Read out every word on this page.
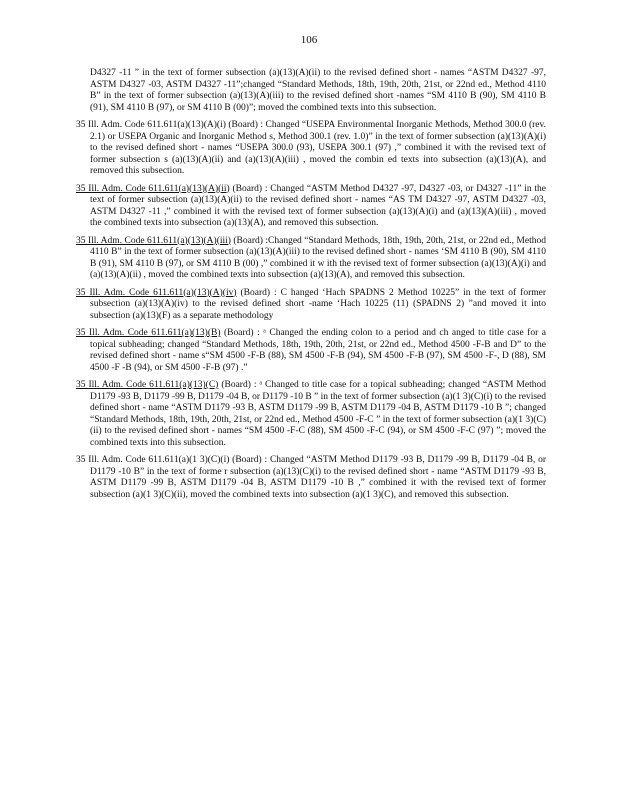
106

D4327 -11 ” in the text of former subsection (a)(13)(A)(ii) to the revised defined short - names “ASTM D4327 -97, ASTM D4327 -03, ASTM D4327 -11”;changed “Standard Methods, 18th, 19th, 20th, 21st, or 22nd ed., Method 4110 B” in the text of former subsection (a)(13)(A)(iii) to the revised defined short -names “SM 4110 B (90), SM 4110 B (91), SM 4110 B (97), or SM 4110 B (00)”; moved the combined texts into this subsection.

35 Ill. Adm. Code 611.611(a)(13)(A)(i) (Board) : Changed “USEPA Environmental Inorganic Methods, Method 300.0 (rev. 2.1) or USEPA Organic and Inorganic Method s, Method 300.1 (rev. 1.0)” in the text of former subsection (a)(13)(A)(i) to the revised defined short - names “USEPA 300.0 (93), USEPA 300.1 (97) ,” combined it with the revised text of former subsection s (a)(13)(A)(ii) and (a)(13)(A)(iii) , moved the combin ed texts into subsection (a)(13)(A), and removed this subsection.

35 Ill. Adm. Code 611.611(a)(13)(A)(ii) (Board) : Changed “ASTM Method D4327 -97, D4327 -03, or D4327 -11” in the text of former subsection (a)(13)(A)(ii) to the revised defined short - names “AS TM D4327 -97, ASTM D4327 -03, ASTM D4327 -11 ,” combined it with the revised text of former subsection (a)(13)(A)(i) and (a)(13)(A)(iii) , moved the combined texts into subsection (a)(13)(A), and removed this subsection.

35 Ill. Adm. Code 611.611(a)(13)(A)(iii) (Board) :Changed “Standard Methods, 18th, 19th, 20th, 21st, or 22nd ed., Method 4110 B” in the text of former subsection (a)(13)(A)(iii) to the revised defined short - names ‘SM 4110 B (90), SM 4110 B (91), SM 4110 B (97), or SM 4110 B (00) ,” combined it w ith the revised text of former subsection (a)(13)(A)(i) and (a)(13)(A)(ii) , moved the combined texts into subsection (a)(13)(A), and removed this subsection.

35 Ill. Adm. Code 611.611(a)(13)(A)(iv) (Board) : C hanged ‘Hach SPADNS 2 Method 10225” in the text of former subsection (a)(13)(A)(iv) to the revised defined short -name ‘Hach 10225 (11) (SPADNS 2) ”and moved it into subsection (a)(13)(F) as a separate methodology

35 Ill. Adm. Code 611.611(a)(13)(B) (Board) : ᵃ Changed the ending colon to a period and ch anged to title case for a topical subheading; changed “Standard Methods, 18th, 19th, 20th, 21st, or 22nd ed., Method 4500 -F-B and D” to the revised defined short - name s“SM 4500 -F-B (88), SM 4500 -F-B (94), SM 4500 -F-B (97), SM 4500 -F-, D (88), SM 4500 -F -B (94), or SM 4500 -F-B (97) .”

35 Ill. Adm. Code 611.611(a)(13)(C) (Board) : ᵃ Changed to title case for a topical subheading; changed “ASTM Method D1179 -93 B, D1179 -99 B, D1179 -04 B, or D1179 -10 B ” in the text of former subsection (a)(1 3)(C)(i) to the revised defined short - name “ASTM D1179 -93 B, ASTM D1179 -99 B, ASTM D1179 -04 B, ASTM D1179 -10 B ”; changed “Standard Methods, 18th, 19th, 20th, 21st, or 22nd ed., Method 4500 -F-C ” in the text of former subsection (a)(1 3)(C)(ii) to the revised defined short - names “SM 4500 -F-C (88), SM 4500 -F-C (94), or SM 4500 -F-C (97) ”; moved the combined texts into this subsection.

35 Ill. Adm. Code 611.611(a)(1 3)(C)(i) (Board) : Changed “ASTM Method D1179 -93 B, D1179 -99 B, D1179 -04 B, or D1179 -10 B” in the text of forme r subsection (a)(13)(C)(i) to the revised defined short - name “ASTM D1179 -93 B, ASTM D1179 -99 B, ASTM D1179 -04 B, ASTM D1179 -10 B ,” combined it with the revised text of former subsection (a)(1 3)(C)(ii), moved the combined texts into subsection (a)(1 3)(C), and removed this subsection.
